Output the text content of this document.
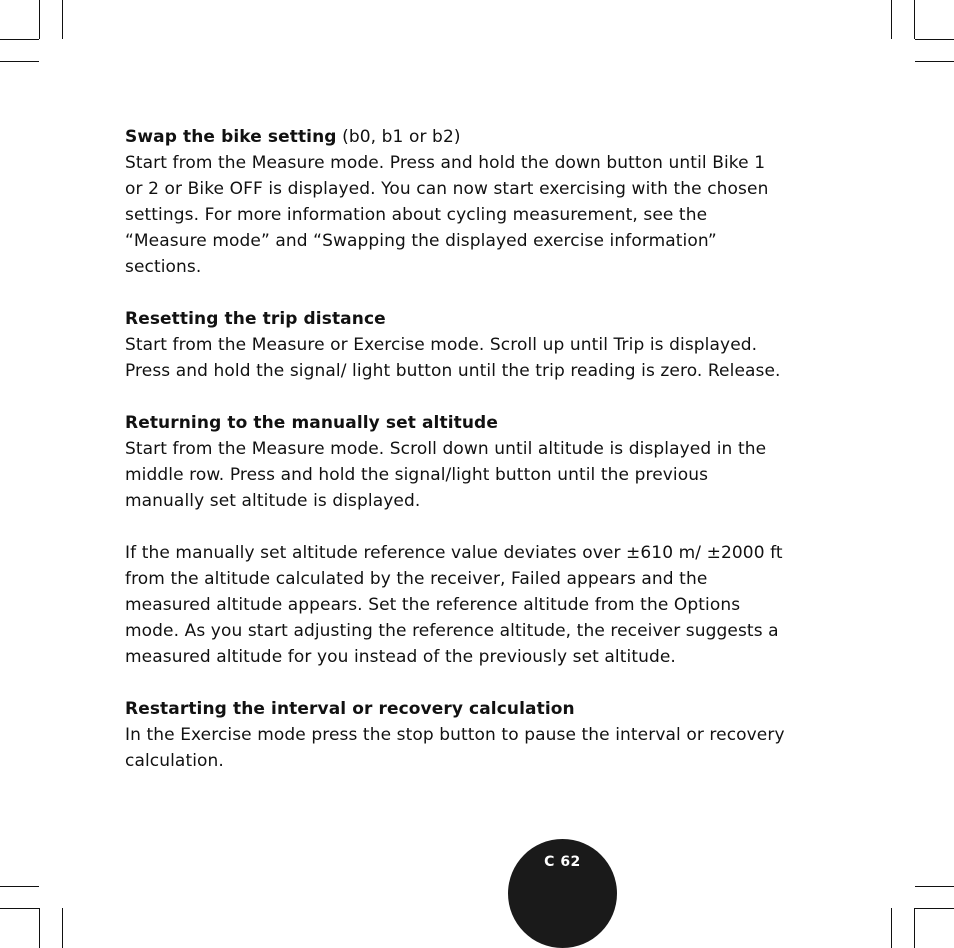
Swap the bike setting (b0, b1 or b2)
Start from the Measure mode. Press and hold the down button until Bike 1
or 2 or Bike OFF is displayed. You can now start exercising with the chosen
settings. For more information about cycling measurement, see the
“Measure mode” and “Swapping the displayed exercise information”
sections.
Resetting the trip distance
Start from the Measure or Exercise mode. Scroll up until Trip is displayed.
Press and hold the signal/ light button until the trip reading is zero. Release.
Returning to the manually set altitude
Start from the Measure mode. Scroll down until altitude is displayed in the
middle row. Press and hold the signal/light button until the previous
manually set altitude is displayed.
If the manually set altitude reference value deviates over ±610 m/ ±2000 ft
from the altitude calculated by the receiver, Failed appears and the
measured altitude appears. Set the reference altitude from the Options
mode. As you start adjusting the reference altitude, the receiver suggests a
measured altitude for you instead of the previously set altitude.
Restarting the interval or recovery calculation
In the Exercise mode press the stop button to pause the interval or recovery
calculation.
C 62
